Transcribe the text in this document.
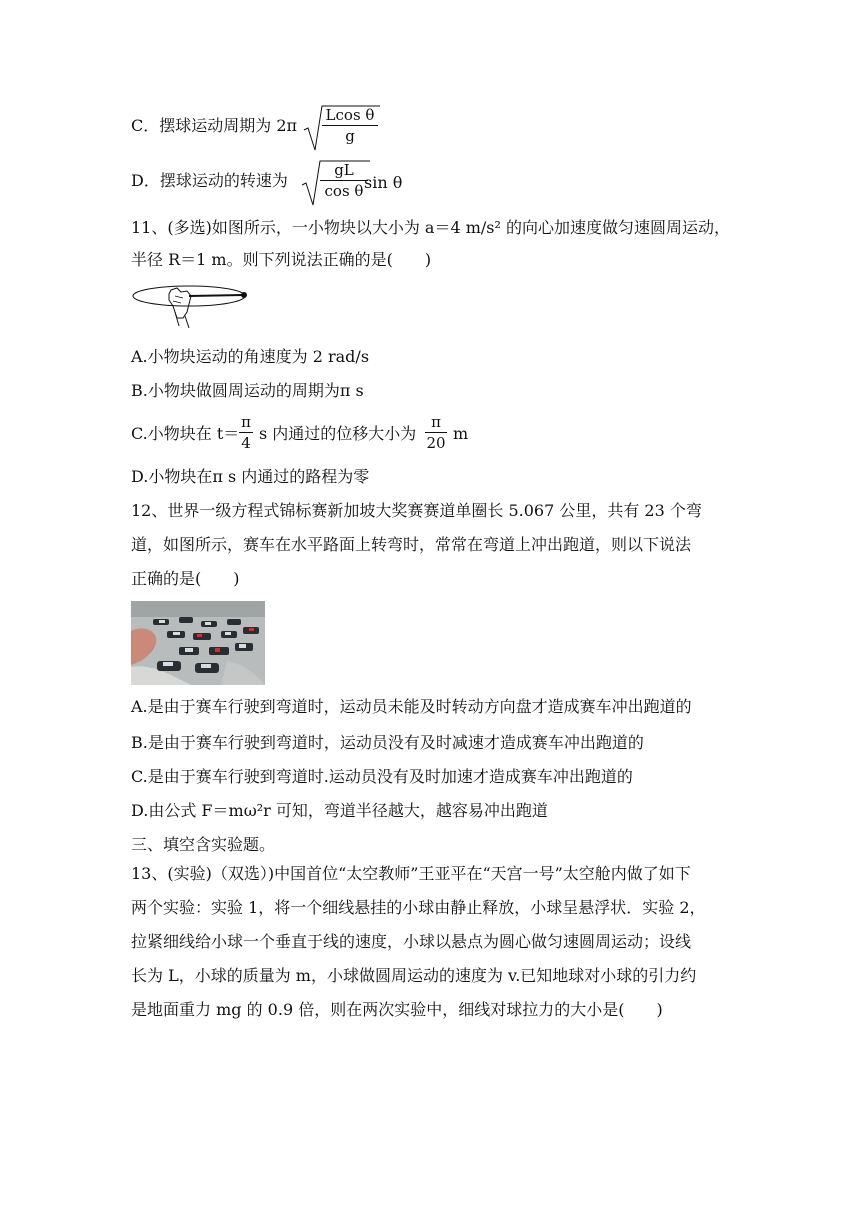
C．摆球运动周期为 2π
Lcos θ
g
D．摆球运动的转速为
gL
cos θ sin θ
11、(多选)如图所示，一小物块以大小为 a＝4 m/s² 的向心加速度做匀速圆周运动，
半径 R＝1 m。则下列说法正确的是(　　)
A.小物块运动的角速度为 2 rad/s
B.小物块做圆周运动的周期为π s
C.小物块在 t＝
π
4 s 内通过的位移大小为
π
20 m
D.小物块在π s 内通过的路程为零
12、世界一级方程式锦标赛新加坡大奖赛赛道单圈长 5.067 公里，共有 23 个弯
道，如图所示，赛车在水平路面上转弯时，常常在弯道上冲出跑道，则以下说法
正确的是(　　)
A.是由于赛车行驶到弯道时，运动员未能及时转动方向盘才造成赛车冲出跑道的
B.是由于赛车行驶到弯道时，运动员没有及时减速才造成赛车冲出跑道的
C.是由于赛车行驶到弯道时.运动员没有及时加速才造成赛车冲出跑道的
D.由公式 F＝mω²r 可知，弯道半径越大，越容易冲出跑道
三、填空含实验题。
13、(实验)（双选）)中国首位“太空教师”王亚平在“天宫一号”太空舱内做了如下
两个实验：实验 1，将一个细线悬挂的小球由静止释放，小球呈悬浮状．实验 2，
拉紧细线给小球一个垂直于线的速度，小球以悬点为圆心做匀速圆周运动；设线
长为 L，小球的质量为 m，小球做圆周运动的速度为 v.已知地球对小球的引力约
是地面重力 mg 的 0.9 倍，则在两次实验中，细线对球拉力的大小是(　　)
